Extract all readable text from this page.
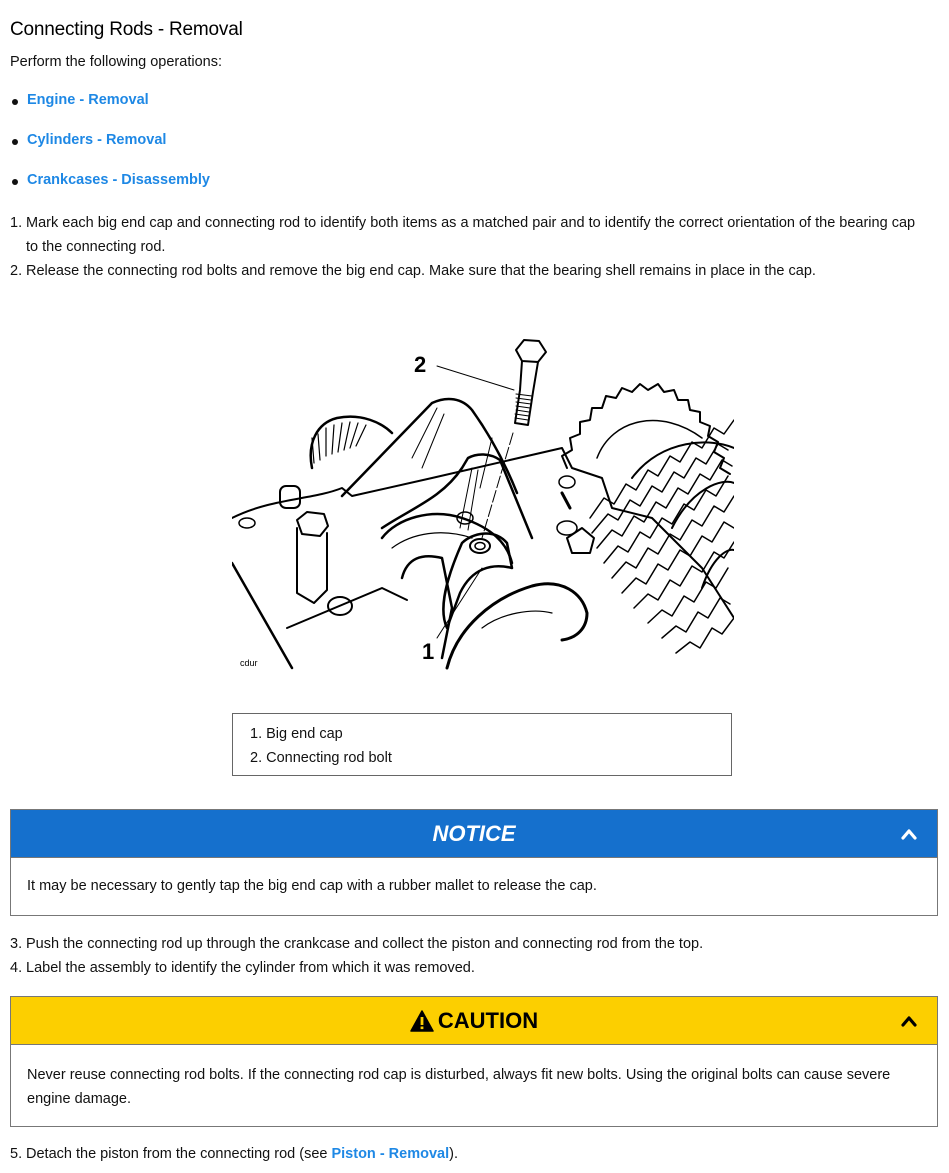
Connecting Rods - Removal

Perform the following operations:

Engine - Removal
Cylinders - Removal
Crankcases - Disassembly
1. Mark each big end cap and connecting rod to identify both items as a matched pair and to identify the correct orientation of the bearing cap to the connecting rod.
2. Release the connecting rod bolts and remove the big end cap. Make sure that the bearing shell remains in place in the cap.
2
1
cdur
1. Big end cap
2. Connecting rod bolt
NOTICE
It may be necessary to gently tap the big end cap with a rubber mallet to release the cap.
3. Push the connecting rod up through the crankcase and collect the piston and connecting rod from the top.
4. Label the assembly to identify the cylinder from which it was removed.
CAUTION
Never reuse connecting rod bolts. If the connecting rod cap is disturbed, always fit new bolts. Using the original bolts can cause severe engine damage.
5. Detach the piston from the connecting rod (see Piston - Removal).
